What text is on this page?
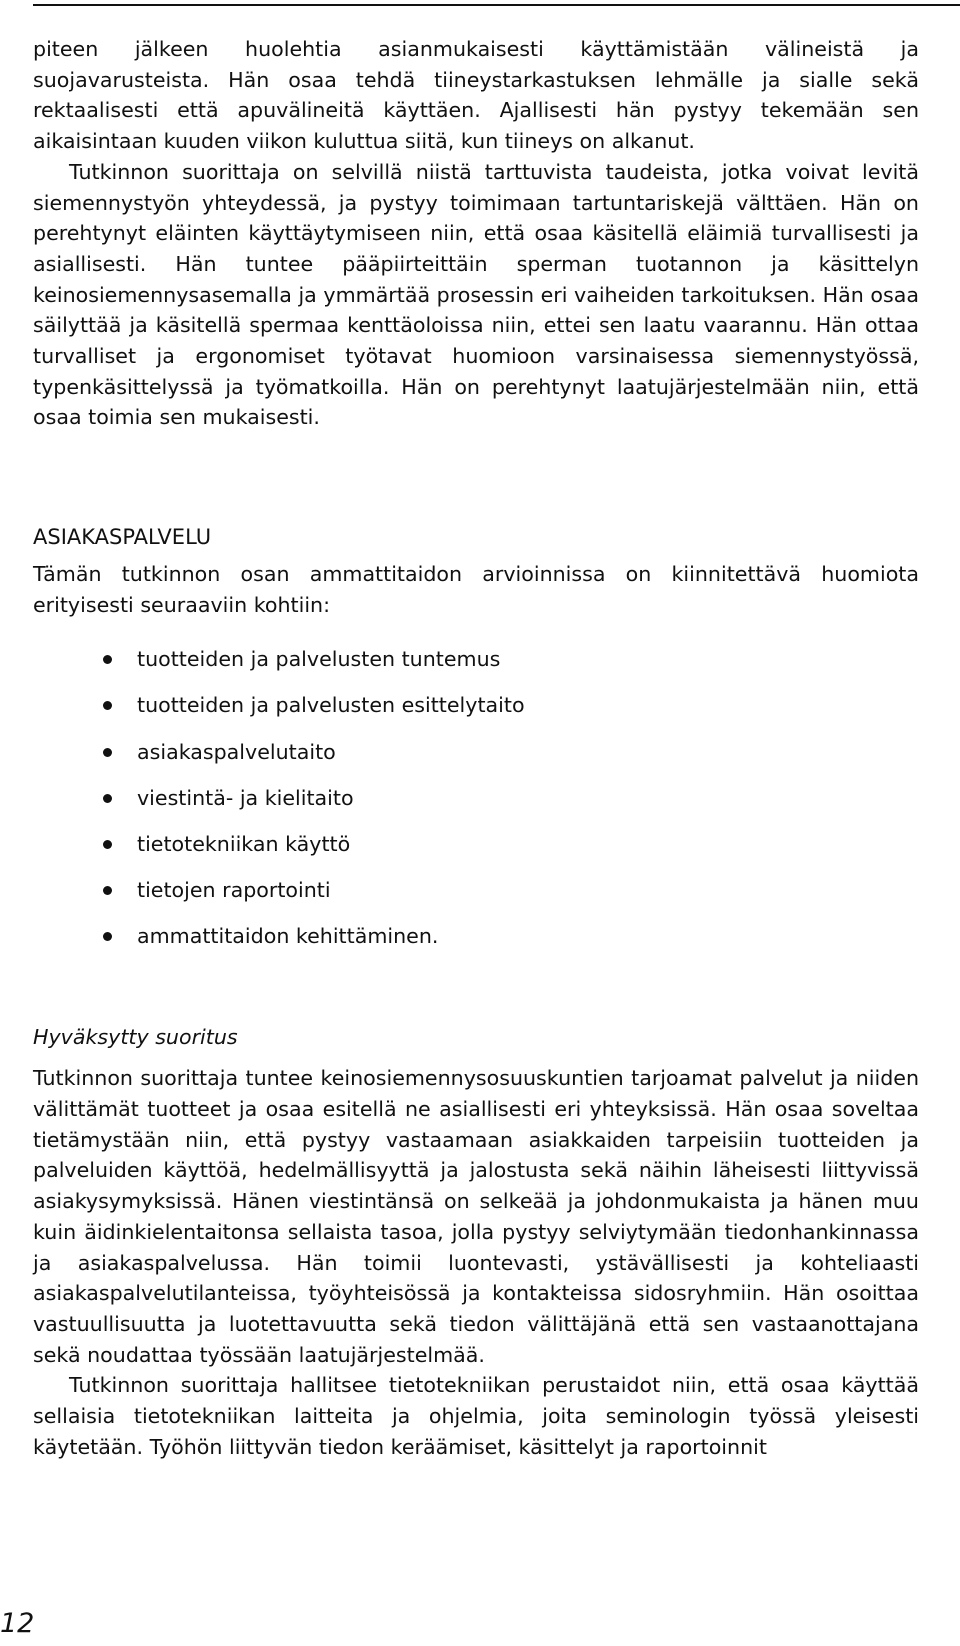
piteen jälkeen huolehtia asianmukaisesti käyttämistään välineistä ja suojavarusteista. Hän osaa tehdä tiineystarkastuksen lehmälle ja sialle sekä rektaalisesti että apuvälineitä käyttäen. Ajallisesti hän pystyy tekemään sen aikaisintaan kuuden viikon kuluttua siitä, kun tiineys on alkanut.

Tutkinnon suorittaja on selvillä niistä tarttuvista taudeista, jotka voivat levitä siemennystyön yhteydessä, ja pystyy toimimaan tartuntariskejä välttäen. Hän on perehtynyt eläinten käyttäytymiseen niin, että osaa käsitellä eläimiä turvallisesti ja asiallisesti. Hän tuntee pääpiirteittäin sperman tuotannon ja käsittelyn keinosiemennysasemalla ja ymmärtää prosessin eri vaiheiden tarkoituksen. Hän osaa säilyttää ja käsitellä spermaa kenttäoloissa niin, ettei sen laatu vaarannu. Hän ottaa turvalliset ja ergonomiset työtavat huomioon varsinaisessa siemennystyössä, typenkäsittelyssä ja työmatkoilla. Hän on perehtynyt laatujärjestelmään niin, että osaa toimia sen mukaisesti.

ASIAKASPALVELU

Tämän tutkinnon osan ammattitaidon arvioinnissa on kiinnitettävä huomiota erityisesti seuraaviin kohtiin:

tuotteiden ja palvelusten tuntemus
tuotteiden ja palvelusten esittelytaito
asiakaspalvelutaito
viestintä- ja kielitaito
tietotekniikan käyttö
tietojen raportointi
ammattitaidon kehittäminen.

Hyväksytty suoritus

Tutkinnon suorittaja tuntee keinosiemennysosuuskuntien tarjoamat palvelut ja niiden välittämät tuotteet ja osaa esitellä ne asiallisesti eri yhteyksissä. Hän osaa soveltaa tietämystään niin, että pystyy vastaamaan asiakkaiden tarpeisiin tuotteiden ja palveluiden käyttöä, hedelmällisyyttä ja jalostusta sekä näihin läheisesti liittyvissä asiakysymyksissä. Hänen viestintänsä on selkeää ja johdonmukaista ja hänen muu kuin äidinkielentaitonsa sellaista tasoa, jolla pystyy selviytymään tiedonhankinnassa ja asiakaspalvelussa. Hän toimii luontevasti, ystävällisesti ja kohteliaasti asiakaspalvelutilanteissa, työyhteisössä ja kontakteissa sidosryhmiin. Hän osoittaa vastuullisuutta ja luotettavuutta sekä tiedon välittäjänä että sen vastaanottajana sekä noudattaa työssään laatujärjestelmää.

Tutkinnon suorittaja hallitsee tietotekniikan perustaidot niin, että osaa käyttää sellaisia tietotekniikan laitteita ja ohjelmia, joita seminologin työssä yleisesti käytetään. Työhön liittyvän tiedon keräämiset, käsittelyt ja raportoinnit

12
